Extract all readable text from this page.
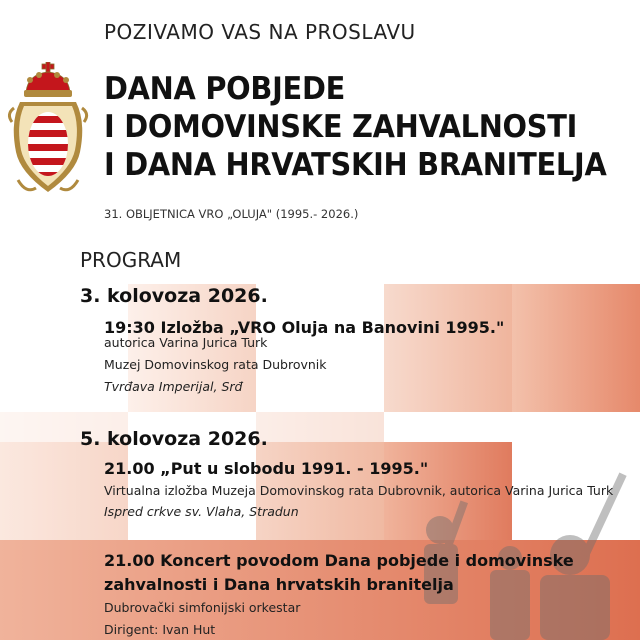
POZIVAMO VAS NA PROSLAVU
DANA POBJEDE
I DOMOVINSKE ZAHVALNOSTI
I DANA HRVATSKIH BRANITELJA
31. OBLJETNICA VRO „OLUJA" (1995.- 2026.)
PROGRAM
3. kolovoza 2026.
19:30 Izložba „VRO Oluja na Banovini 1995."
autorica Varina Jurica Turk
Muzej Domovinskog rata Dubrovnik
Tvrđava Imperijal, Srđ
5. kolovoza 2026.
21.00 „Put u slobodu 1991. - 1995."
Virtualna izložba Muzeja Domovinskog rata Dubrovnik, autorica Varina Jurica Turk
Ispred crkve sv. Vlaha, Stradun
21.00 Koncert povodom Dana pobjede i domovinske
zahvalnosti i Dana hrvatskih branitelja
Dubrovački simfonijski orkestar
Dirigent: Ivan Hut
